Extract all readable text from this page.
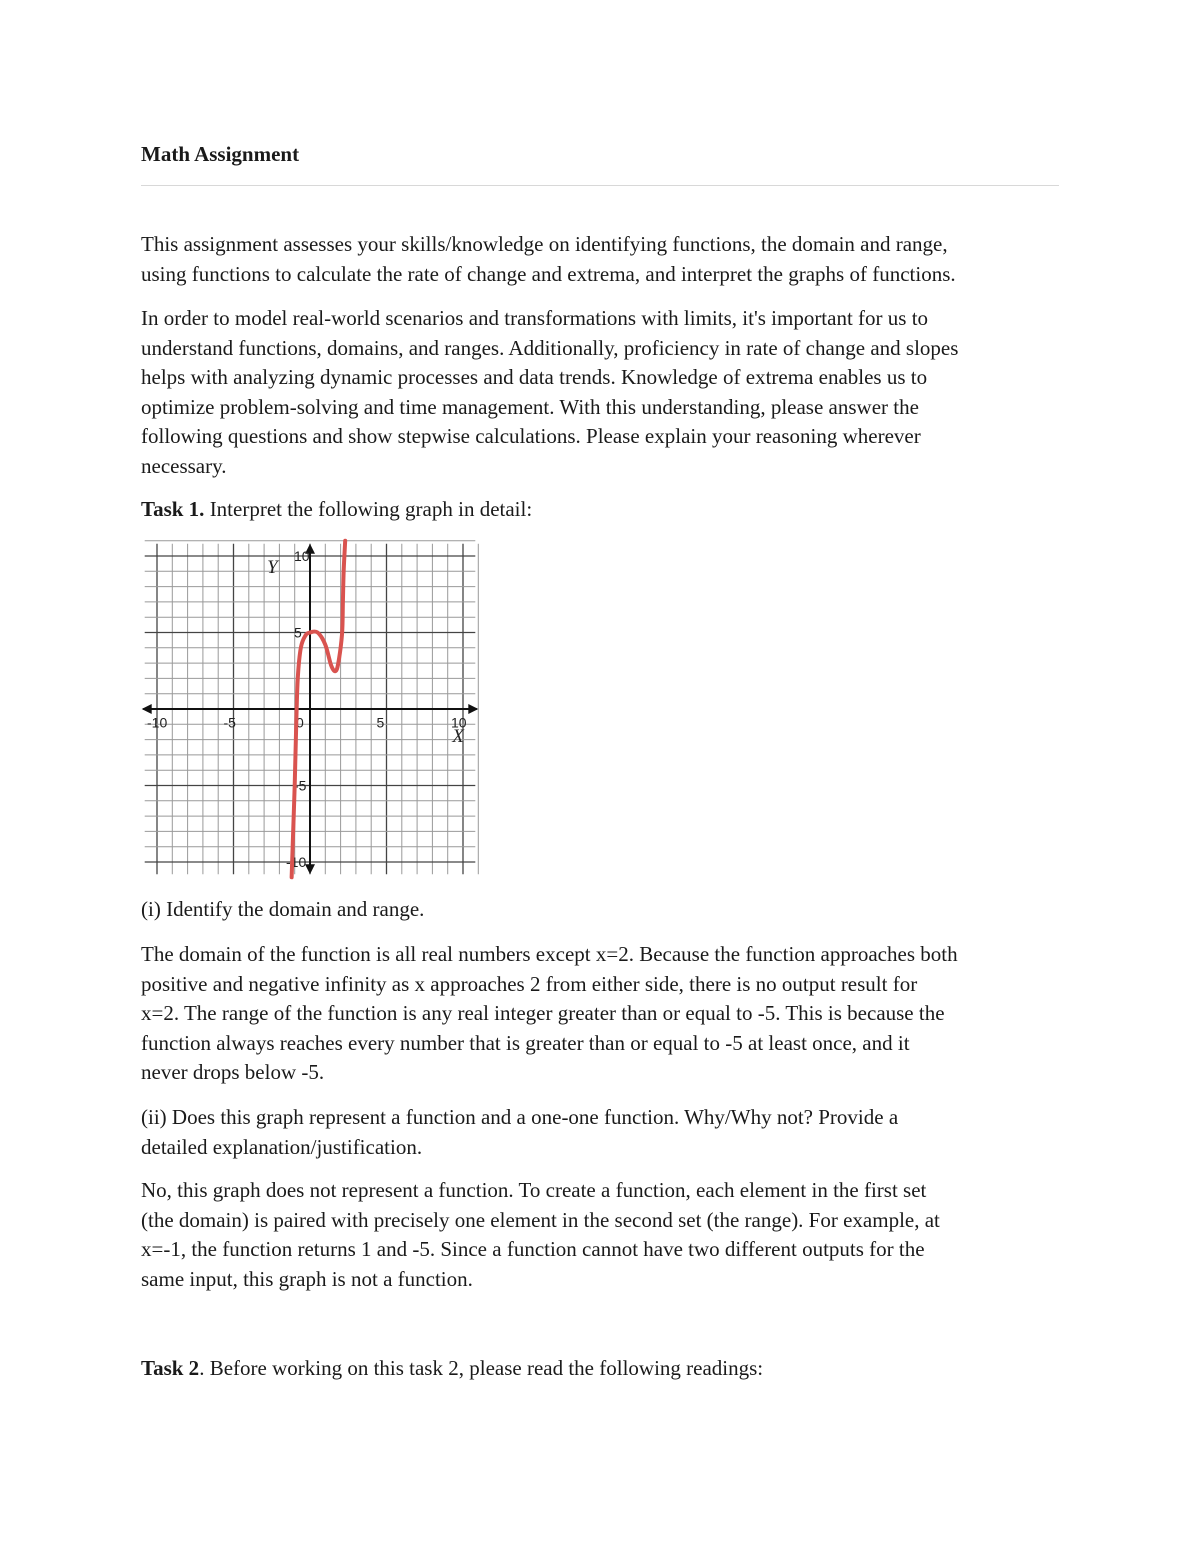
Math Assignment
This assignment assesses your skills/knowledge on identifying functions, the domain and range,
using functions to calculate the rate of change and extrema, and interpret the graphs of functions.
In order to model real-world scenarios and transformations with limits, it's important for us to
understand functions, domains, and ranges. Additionally, proficiency in rate of change and slopes
helps with analyzing dynamic processes and data trends. Knowledge of extrema enables us to
optimize problem-solving and time management. With this understanding, please answer the
following questions and show stepwise calculations. Please explain your reasoning wherever
necessary.
Task 1. Interpret the following graph in detail:
-10	-5	0	5	10
10
5
-5
-10
X
Y
(i) Identify the domain and range.
The domain of the function is all real numbers except x=2. Because the function approaches both
positive and negative infinity as x approaches 2 from either side, there is no output result for
x=2. The range of the function is any real integer greater than or equal to -5. This is because the
function always reaches every number that is greater than or equal to -5 at least once, and it
never drops below -5.
(ii) Does this graph represent a function and a one-one function. Why/Why not? Provide a
detailed explanation/justification.
No, this graph does not represent a function. To create a function, each element in the first set
(the domain) is paired with precisely one element in the second set (the range). For example, at
x=-1, the function returns 1 and -5. Since a function cannot have two different outputs for the
same input, this graph is not a function.
Task 2. Before working on this task 2, please read the following readings:
